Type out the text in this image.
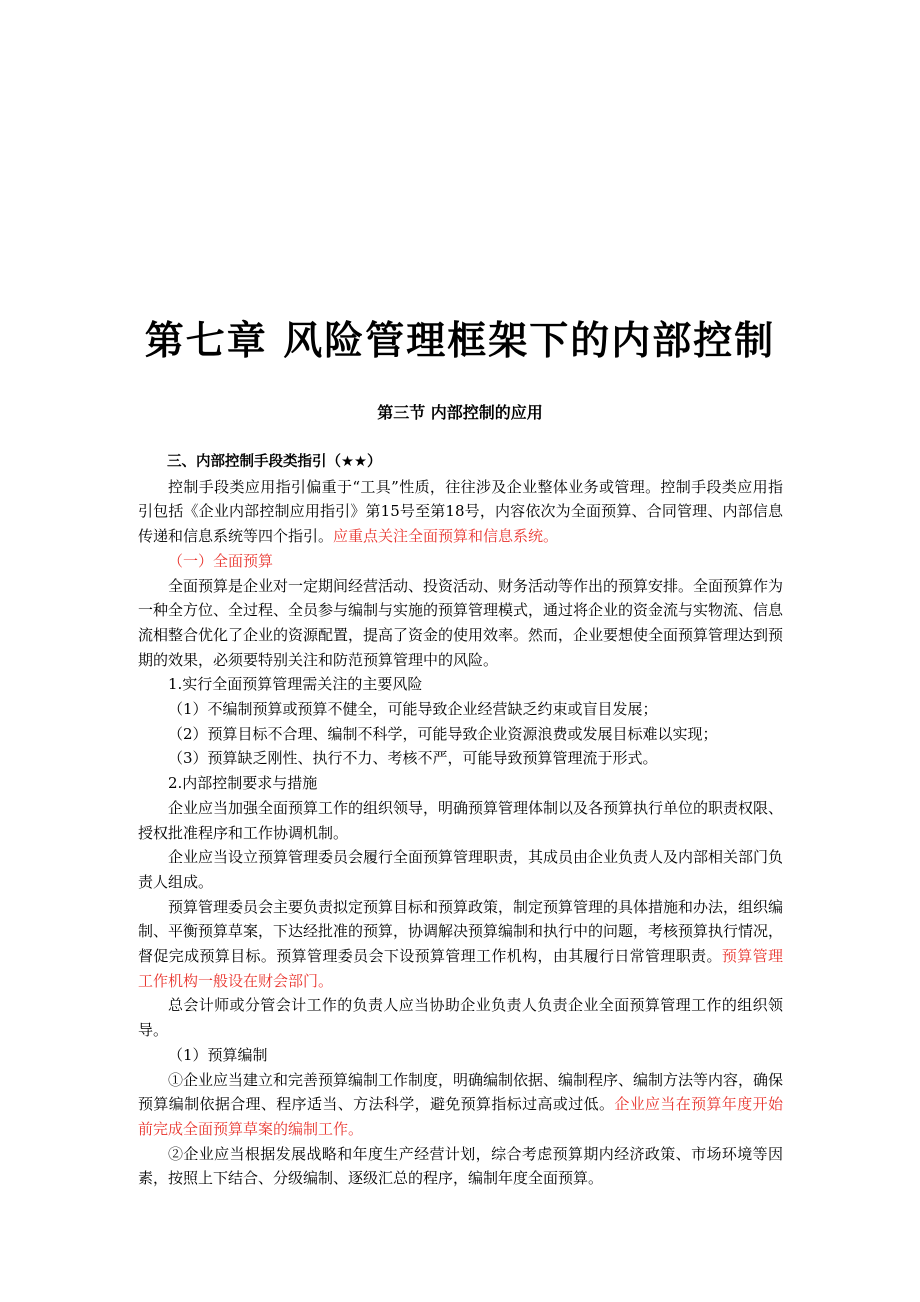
第七章 风险管理框架下的内部控制
第三节 内部控制的应用

三、内部控制手段类指引（★★）

控制手段类应用指引偏重于“工具”性质，往往涉及企业整体业务或管理。控制手段类应用指引包括《企业内部控制应用指引》第15号至第18号，内容依次为全面预算、合同管理、内部信息传递和信息系统等四个指引。应重点关注全面预算和信息系统。

（一）全面预算

全面预算是企业对一定期间经营活动、投资活动、财务活动等作出的预算安排。全面预算作为一种全方位、全过程、全员参与编制与实施的预算管理模式，通过将企业的资金流与实物流、信息流相整合优化了企业的资源配置，提高了资金的使用效率。然而，企业要想使全面预算管理达到预期的效果，必须要特别关注和防范预算管理中的风险。

1.实行全面预算管理需关注的主要风险

（1）不编制预算或预算不健全，可能导致企业经营缺乏约束或盲目发展；

（2）预算目标不合理、编制不科学，可能导致企业资源浪费或发展目标难以实现；

（3）预算缺乏刚性、执行不力、考核不严，可能导致预算管理流于形式。

2.内部控制要求与措施

企业应当加强全面预算工作的组织领导，明确预算管理体制以及各预算执行单位的职责权限、授权批准程序和工作协调机制。

企业应当设立预算管理委员会履行全面预算管理职责，其成员由企业负责人及内部相关部门负责人组成。

预算管理委员会主要负责拟定预算目标和预算政策，制定预算管理的具体措施和办法，组织编制、平衡预算草案，下达经批准的预算，协调解决预算编制和执行中的问题，考核预算执行情况，督促完成预算目标。预算管理委员会下设预算管理工作机构，由其履行日常管理职责。预算管理工作机构一般设在财会部门。

总会计师或分管会计工作的负责人应当协助企业负责人负责企业全面预算管理工作的组织领导。

（1）预算编制

①企业应当建立和完善预算编制工作制度，明确编制依据、编制程序、编制方法等内容，确保预算编制依据合理、程序适当、方法科学，避免预算指标过高或过低。企业应当在预算年度开始前完成全面预算草案的编制工作。

②企业应当根据发展战略和年度生产经营计划，综合考虑预算期内经济政策、市场环境等因素，按照上下结合、分级编制、逐级汇总的程序，编制年度全面预算。
